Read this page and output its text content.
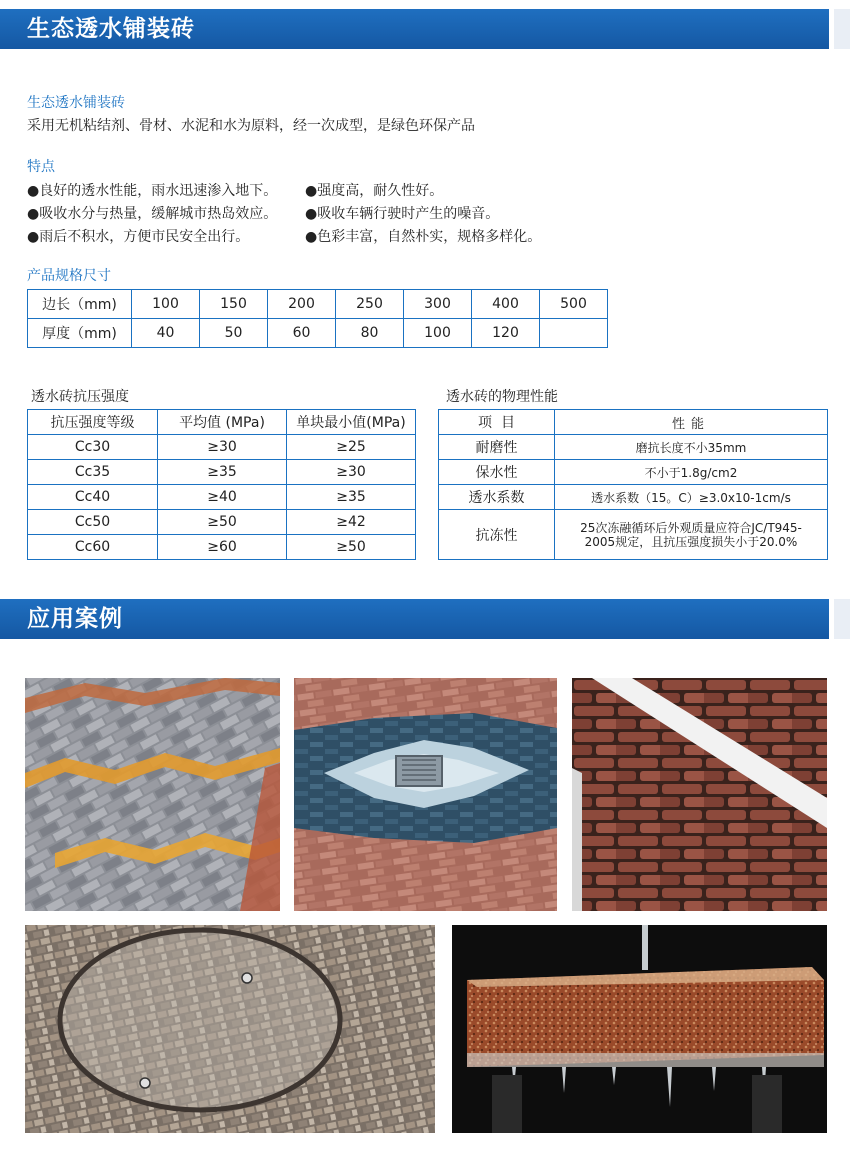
生态透水铺装砖
生态透水铺装砖
采用无机粘结剂、骨材、水泥和水为原料，经一次成型，是绿色环保产品
特点
●良好的透水性能，雨水迅速渗入地下。	●强度高，耐久性好。
●吸收水分与热量，缓解城市热岛效应。	●吸收车辆行驶时产生的噪音。
●雨后不积水，方便市民安全出行。	●色彩丰富，自然朴实，规格多样化。
产品规格尺寸
边长（mm)	100	150	200	250	300	400	500
厚度（mm)	40	50	60	80	100	120	
透水砖抗压强度
抗压强度等级	平均值 (MPa)	单块最小值(MPa)
Cc30	≥30	≥25
Cc35	≥35	≥30
Cc40	≥40	≥35
Cc50	≥50	≥42
Cc60	≥60	≥50
透水砖的物理性能
项  目	性能
耐磨性	磨抗长度不小35mm
保水性	不小于1.8g/cm2
透水系数	透水系数（15。C）≥3.0x10-1cm/s
抗冻性	25次冻融循环后外观质量应符合JC/T945-2005规定，且抗压强度损失小于20.0%
应用案例
